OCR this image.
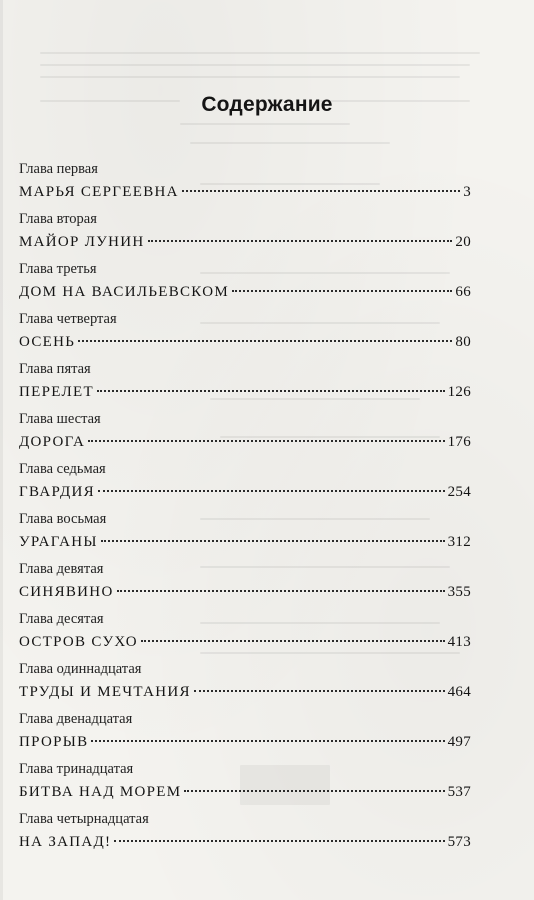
Содержание
Глава первая
МАРЬЯ СЕРГЕЕВНА	3
Глава вторая
МАЙОР ЛУНИН	20
Глава третья
ДОМ НА ВАСИЛЬЕВСКОМ	66
Глава четвертая
ОСЕНЬ	80
Глава пятая
ПЕРЕЛЕТ	126
Глава шестая
ДОРОГА	176
Глава седьмая
ГВАРДИЯ	254
Глава восьмая
УРАГАНЫ	312
Глава девятая
СИНЯВИНО	355
Глава десятая
ОСТРОВ СУХО	413
Глава одиннадцатая
ТРУДЫ И МЕЧТАНИЯ	464
Глава двенадцатая
ПРОРЫВ	497
Глава тринадцатая
БИТВА НАД МОРЕМ	537
Глава четырнадцатая
НА ЗАПАД!	573
